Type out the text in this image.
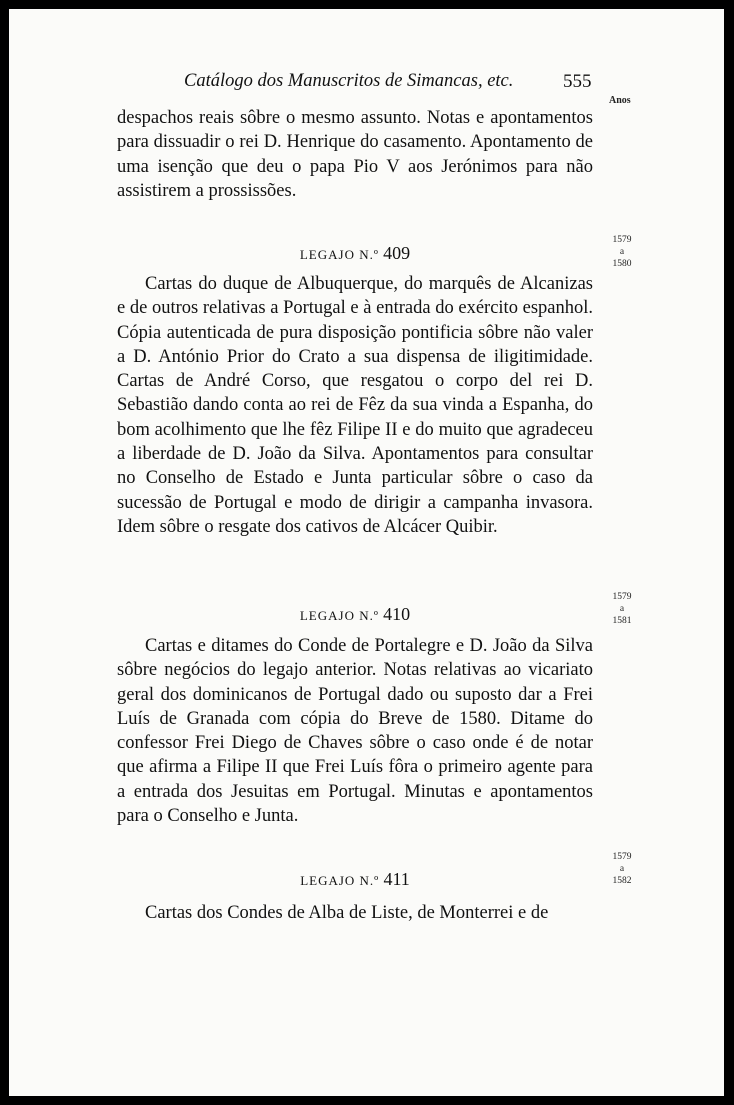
Catálogo dos Manuscritos de Simancas, etc.	555
Anos
despachos reais sôbre o mesmo assunto. Notas e apontamentos para dissuadir o rei D. Henrique do casamento. Apontamento de uma isenção que deu o papa Pio V aos Jerónimos para não assistirem a prossissões.
1579
a
1580
LEGAJO N.º 409
Cartas do duque de Albuquerque, do marquês de Alcanizas e de outros relativas a Portugal e à entrada do exército espanhol. Cópia autenticada de pura disposição pontificia sôbre não valer a D. António Prior do Crato a sua dispensa de iligitimidade. Cartas de André Corso, que resgatou o corpo del rei D. Sebastião dando conta ao rei de Fêz da sua vinda a Espanha, do bom acolhimento que lhe fêz Filipe II e do muito que agradeceu a liberdade de D. João da Silva. Apontamentos para consultar no Conselho de Estado e Junta particular sôbre o caso da sucessão de Portugal e modo de dirigir a campanha invasora. Idem sôbre o resgate dos cativos de Alcácer Quibir.
1579
a
1581
LEGAJO N.º 410
Cartas e ditames do Conde de Portalegre e D. João da Silva sôbre negócios do legajo anterior. Notas relativas ao vicariato geral dos dominicanos de Portugal dado ou suposto dar a Frei Luís de Granada com cópia do Breve de 1580. Ditame do confessor Frei Diego de Chaves sôbre o caso onde é de notar que afirma a Filipe II que Frei Luís fôra o primeiro agente para a entrada dos Jesuitas em Portugal. Minutas e apontamentos para o Conselho e Junta.
1579
a
1582
LEGAJO N.º 411
Cartas dos Condes de Alba de Liste, de Monterrei e de
